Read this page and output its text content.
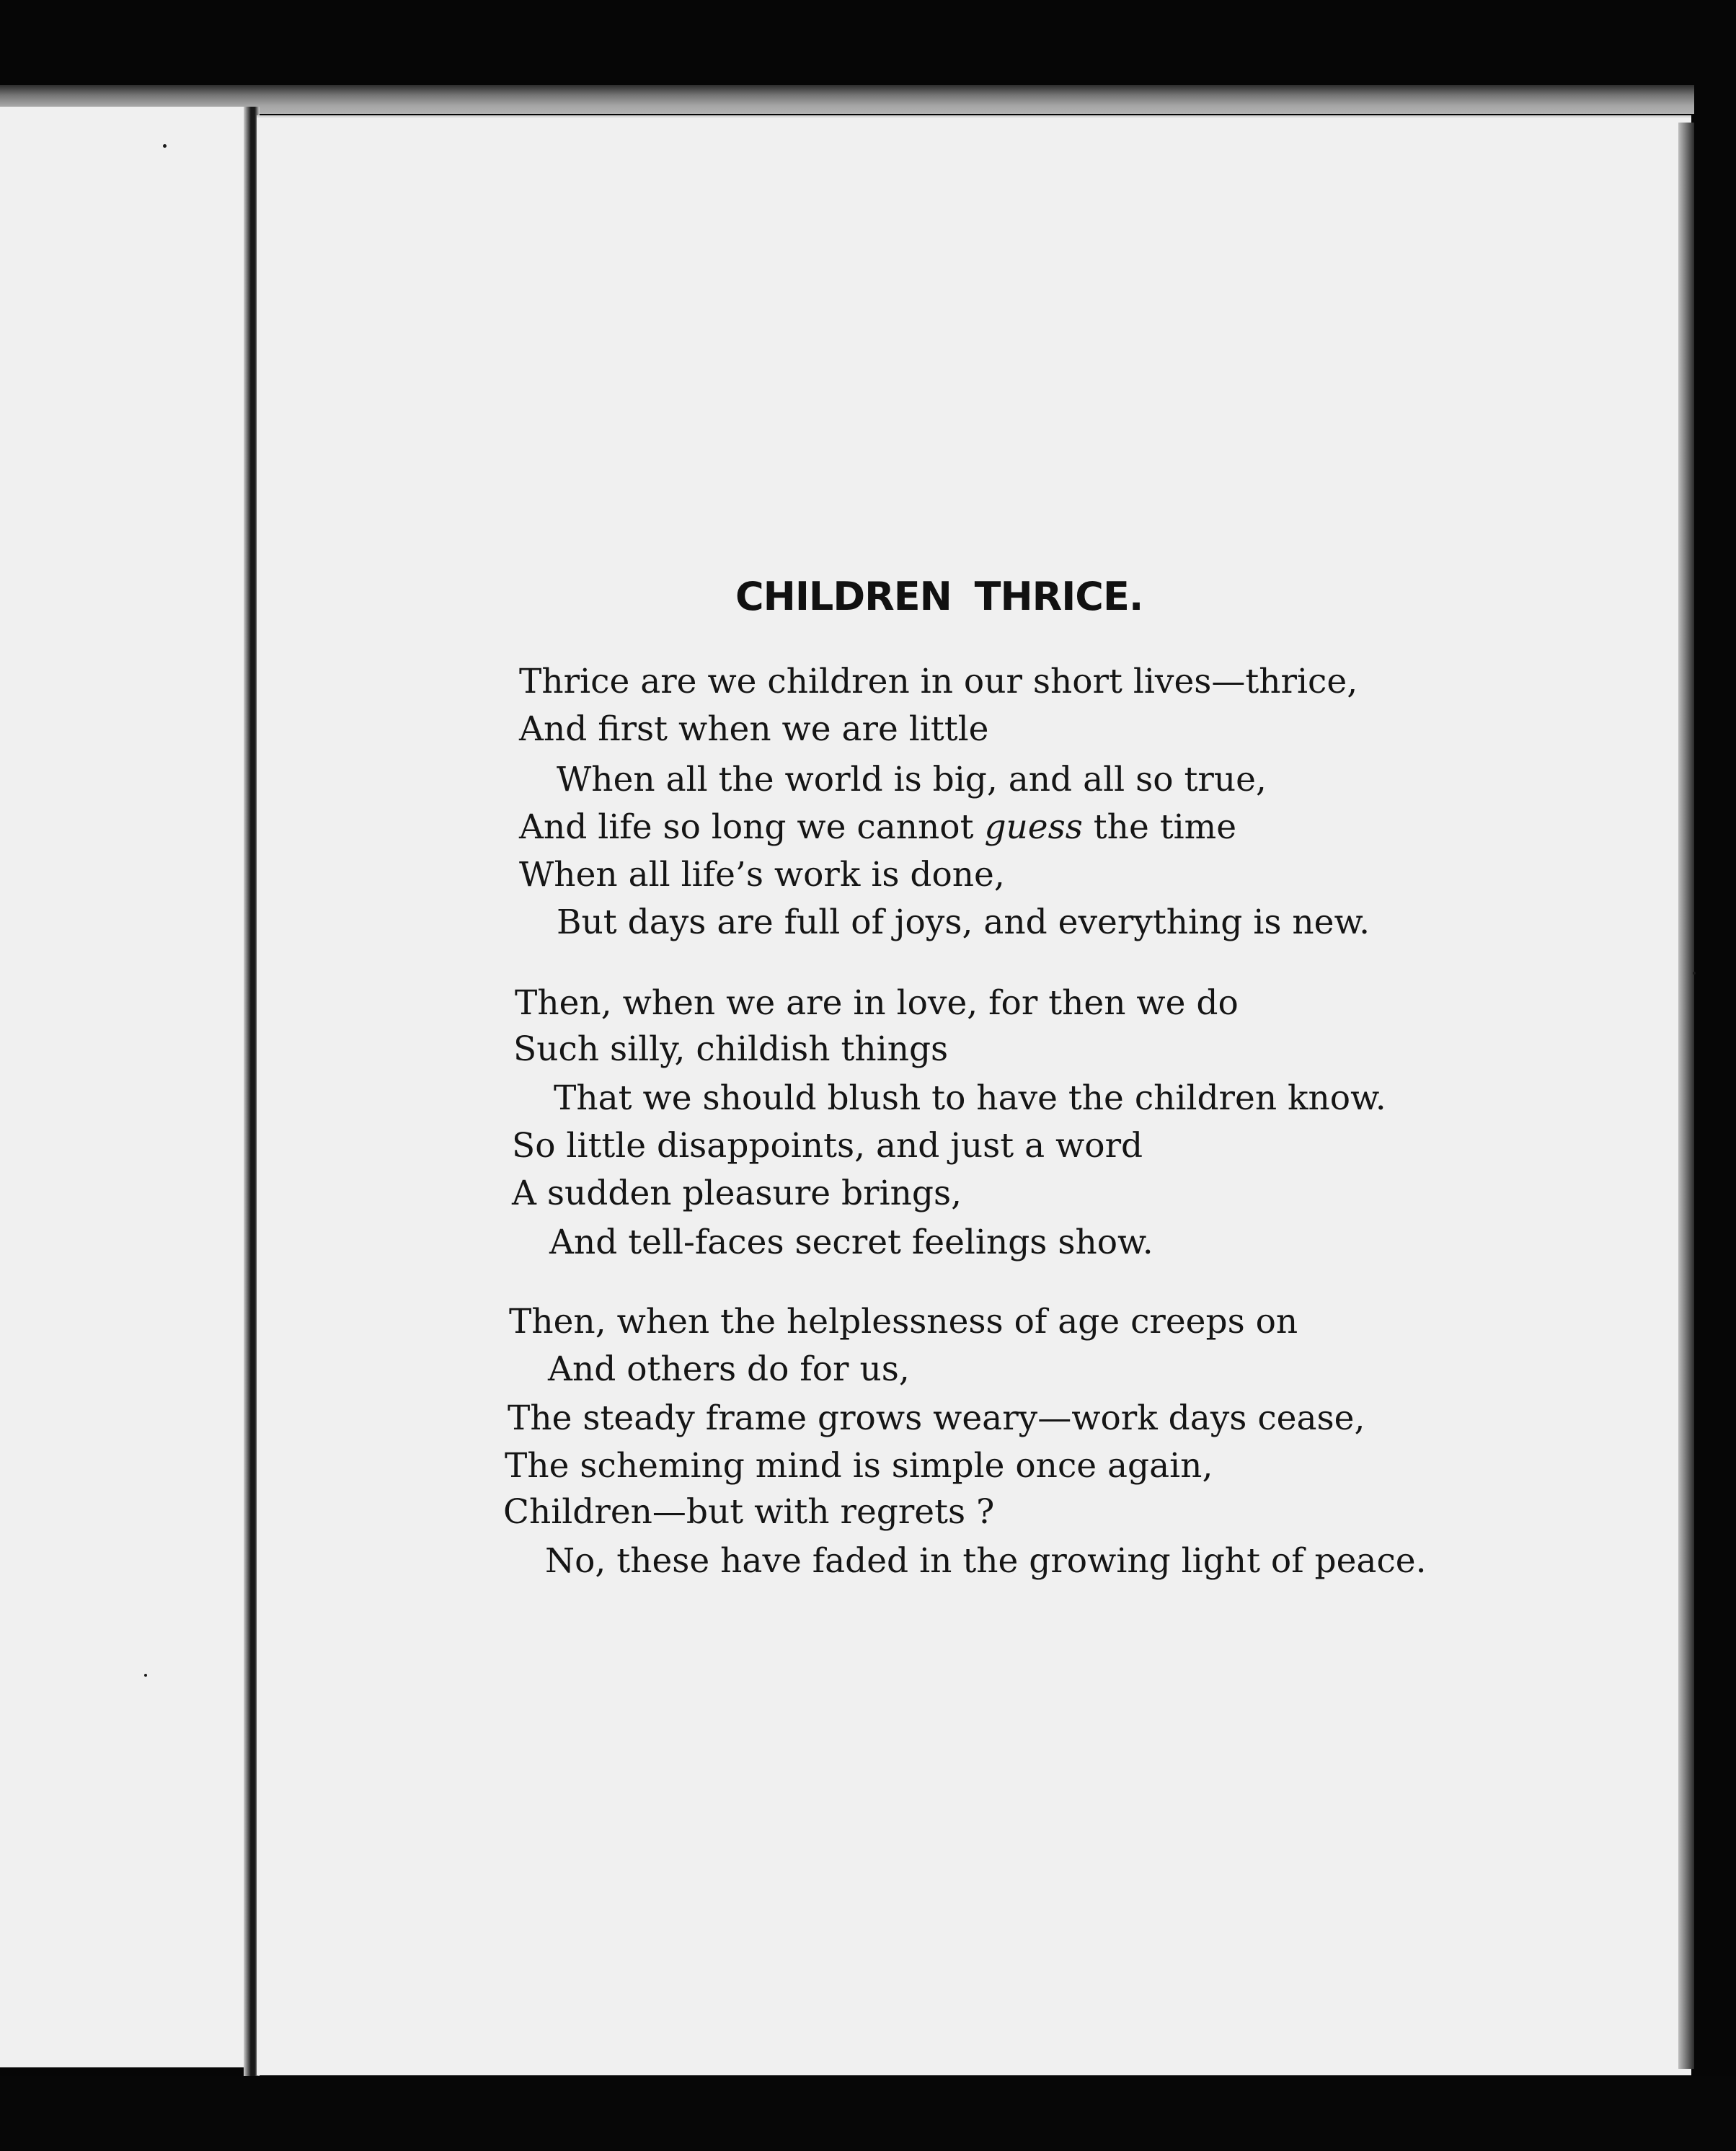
CHILDREN THRICE.
Thrice are we children in our short lives—thrice,
And first when we are little
When all the world is big, and all so true,
And life so long we cannot guess the time
When all life’s work is done,
But days are full of joys, and everything is new.
Then, when we are in love, for then we do
Such silly, childish things
That we should blush to have the children know.
So little disappoints, and just a word
A sudden pleasure brings,
And tell-faces secret feelings show.
Then, when the helplessness of age creeps on
And others do for us,
The steady frame grows weary—work days cease,
The scheming mind is simple once again,
Children—but with regrets ?
No, these have faded in the growing light of peace.
